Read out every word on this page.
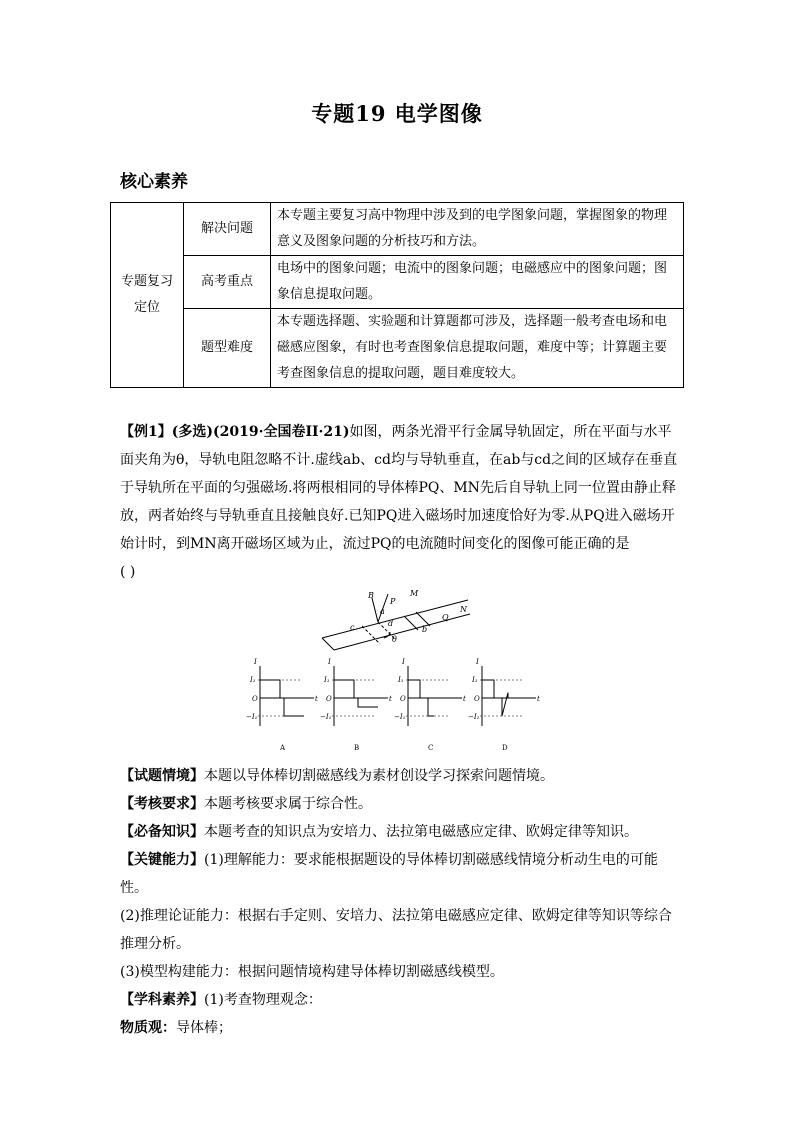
专题19 电学图像
核心素养
专题复习定位	解决问题	本专题主要复习高中物理中涉及到的电学图象问题，掌握图象的物理意义及图象问题的分析技巧和方法。
	高考重点	电场中的图象问题；电流中的图象问题；电磁感应中的图象问题；图象信息提取问题。
	题型难度	本专题选择题、实验题和计算题都可涉及，选择题一般考查电场和电磁感应图象，有时也考查图象信息提取问题，难度中等；计算题主要考查图象信息的提取问题，题目难度较大。

【例1】(多选)(2019·全国卷II·21)如图，两条光滑平行金属导轨固定，所在平面与水平面夹角为θ，导轨电阻忽略不计.虚线ab、cd均与导轨垂直，在ab与cd之间的区域存在垂直于导轨所在平面的匀强磁场.将两根相同的导体棒PQ、MN先后自导轨上同一位置由静止释放，两者始终与导轨垂直且接触良好.已知PQ进入磁场时加速度恰好为零.从PQ进入磁场开始计时，到MN离开磁场区域为止，流过PQ的电流随时间变化的图像可能正确的是

( )

B	M
P
a	N
Q
c	d
b
θ
I
I₁
O
−I₁
t
A
I
I₁
O
−I₁
t
B
I
I₁
O
−I₁
t
C
I
I₁
O
−I₁
t
D

【试题情境】本题以导体棒切割磁感线为素材创设学习探索问题情境。

【考核要求】本题考核要求属于综合性。

【必备知识】本题考查的知识点为安培力、法拉第电磁感应定律、欧姆定律等知识。

【关键能力】(1)理解能力：要求能根据题设的导体棒切割磁感线情境分析动生电的可能性。

(2)推理论证能力：根据右手定则、安培力、法拉第电磁感应定律、欧姆定律等知识等综合推理分析。

(3)模型构建能力：根据问题情境构建导体棒切割磁感线模型。

【学科素养】(1)考查物理观念：

物质观：导体棒；
